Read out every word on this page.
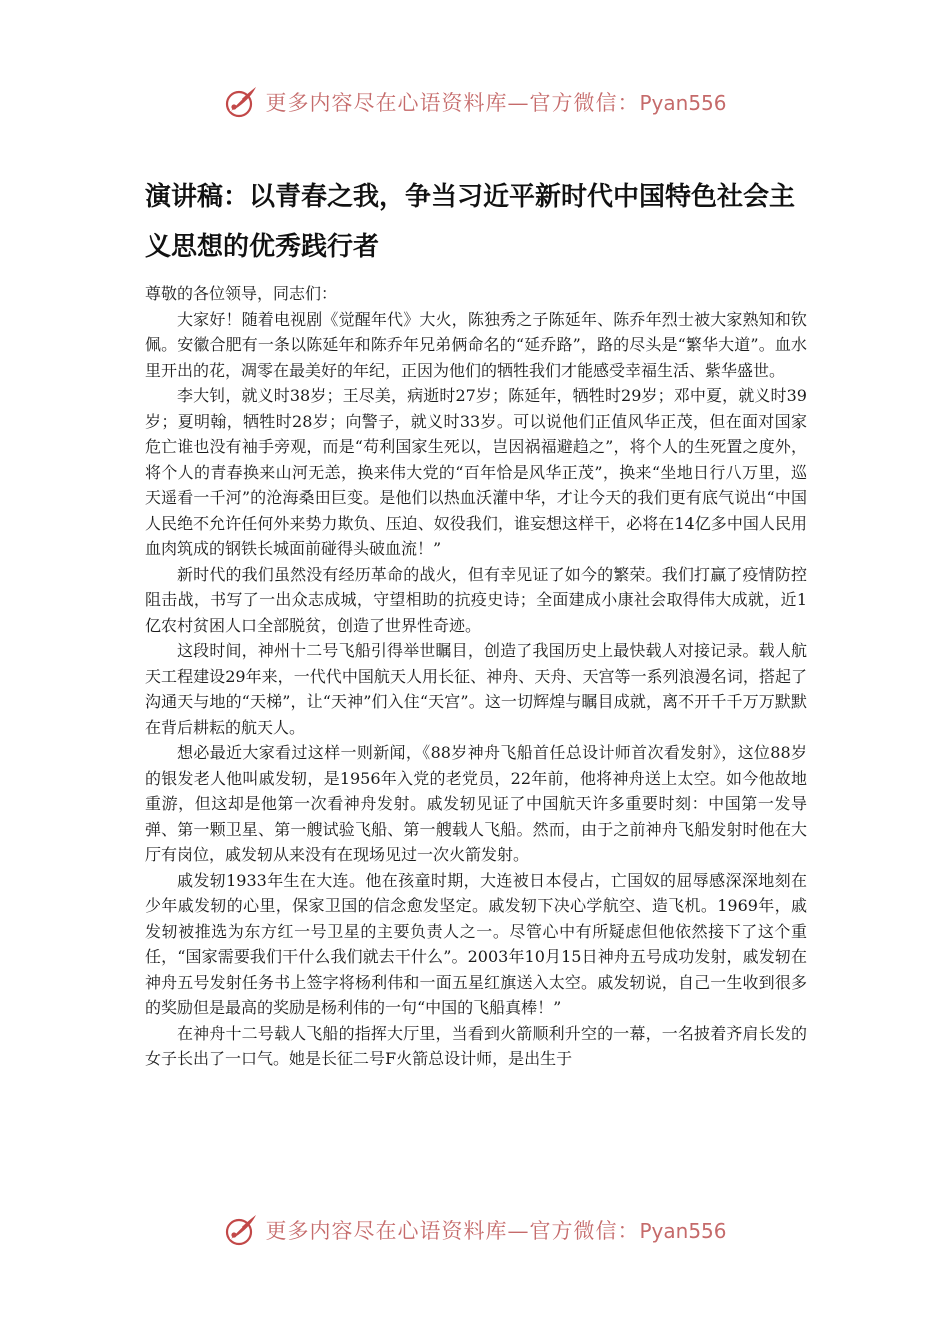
更多内容尽在心语资料库—官方微信：Pyan556
演讲稿：以青春之我，争当习近平新时代中国特色社会主义思想的优秀践行者

尊敬的各位领导，同志们：

大家好！随着电视剧《觉醒年代》大火，陈独秀之子陈延年、陈乔年烈士被大家熟知和钦佩。安徽合肥有一条以陈延年和陈乔年兄弟俩命名的“延乔路”，路的尽头是“繁华大道”。血水里开出的花，凋零在最美好的年纪，正因为他们的牺牲我们才能感受幸福生活、紫华盛世。

李大钊，就义时38岁；王尽美，病逝时27岁；陈延年，牺牲时29岁；邓中夏，就义时39岁；夏明翰，牺牲时28岁；向警子，就义时33岁。可以说他们正值风华正茂，但在面对国家危亡谁也没有袖手旁观，而是“苟利国家生死以，岂因祸福避趋之”，将个人的生死置之度外，将个人的青春换来山河无恙，换来伟大党的“百年恰是风华正茂”，换来“坐地日行八万里，巡天遥看一千河”的沧海桑田巨变。是他们以热血沃灌中华，才让今天的我们更有底气说出“中国人民绝不允许任何外来势力欺负、压迫、奴役我们，谁妄想这样干，必将在14亿多中国人民用血肉筑成的钢铁长城面前碰得头破血流！”

新时代的我们虽然没有经历革命的战火，但有幸见证了如今的繁荣。我们打赢了疫情防控阻击战，书写了一出众志成城，守望相助的抗疫史诗；全面建成小康社会取得伟大成就，近1亿农村贫困人口全部脱贫，创造了世界性奇迹。

这段时间，神州十二号飞船引得举世瞩目，创造了我国历史上最快载人对接记录。载人航天工程建设29年来，一代代中国航天人用长征、神舟、天舟、天宫等一系列浪漫名词，搭起了沟通天与地的“天梯”，让“天神”们入住“天宫”。这一切辉煌与瞩目成就，离不开千千万万默默在背后耕耘的航天人。

想必最近大家看过这样一则新闻，《88岁神舟飞船首任总设计师首次看发射》，这位88岁的银发老人他叫戚发轫，是1956年入党的老党员，22年前，他将神舟送上太空。如今他故地重游，但这却是他第一次看神舟发射。戚发轫见证了中国航天许多重要时刻：中国第一发导弹、第一颗卫星、第一艘试验飞船、第一艘载人飞船。然而，由于之前神舟飞船发射时他在大厅有岗位，戚发轫从来没有在现场见过一次火箭发射。

戚发轫1933年生在大连。他在孩童时期，大连被日本侵占，亡国奴的屈辱感深深地刻在少年戚发轫的心里，保家卫国的信念愈发坚定。戚发轫下决心学航空、造飞机。1969年，戚发轫被推选为东方红一号卫星的主要负责人之一。尽管心中有所疑虑但他依然接下了这个重任，“国家需要我们干什么我们就去干什么”。2003年10月15日神舟五号成功发射，戚发轫在神舟五号发射任务书上签字将杨利伟和一面五星红旗送入太空。戚发轫说，自己一生收到很多的奖励但是最高的奖励是杨利伟的一句“中国的飞船真棒！”

在神舟十二号载人飞船的指挥大厅里，当看到火箭顺利升空的一幕，一名披着齐肩长发的女子长出了一口气。她是长征二号F火箭总设计师，是出生于

更多内容尽在心语资料库—官方微信：Pyan556
